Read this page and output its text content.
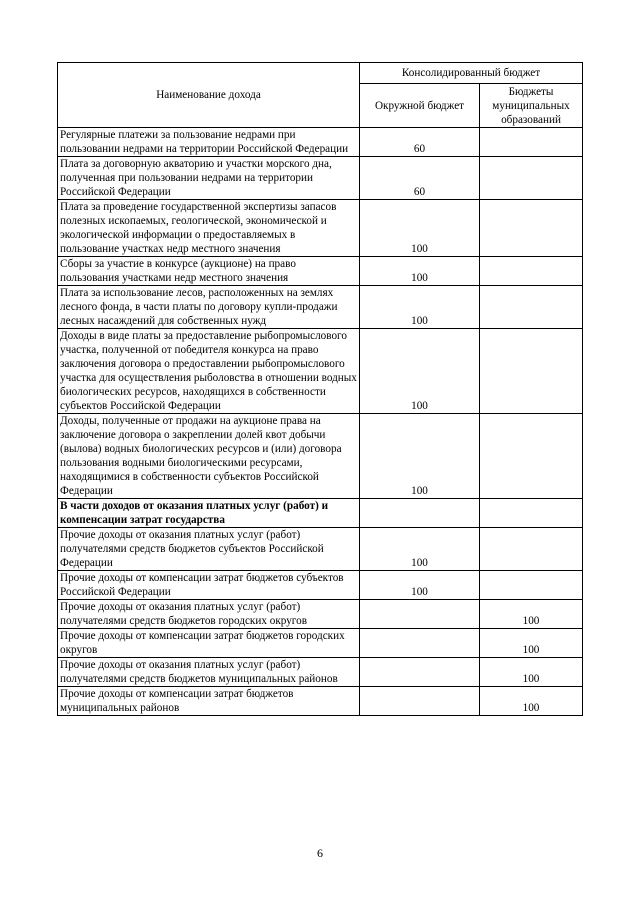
Наименование дохода	Консолидированный бюджет	
	Окружной бюджет	Бюджеты
муниципальных
образований
Регулярные платежи за пользование недрами при пользовании недрами на территории Российской Федерации	60	
Плата за договорную акваторию и участки морского дна, полученная при пользовании недрами на территории Российской Федерации	60	
Плата за проведение государственной экспертизы запасов полезных ископаемых, геологической, экономической и экологической информации о предоставляемых в пользование участках недр местного значения	100	
Сборы за участие в конкурсе (аукционе) на право пользования участками недр местного значения	100	
Плата за использование лесов, расположенных на землях лесного фонда, в части платы по договору купли-продажи лесных насаждений для собственных нужд	100	
Доходы в виде платы за предоставление рыбопромыслового участка, полученной от победителя конкурса на право заключения договора о предоставлении рыбопромыслового участка для осуществления рыболовства в отношении водных биологических ресурсов, находящихся в собственности субъектов Российской Федерации	100	
Доходы, полученные от продажи на аукционе права на заключение договора о закреплении долей квот добычи (вылова) водных биологических ресурсов и (или) договора пользования водными биологическими ресурсами, находящимися в собственности субъектов Российской Федерации	100	
В части доходов от оказания платных услуг (работ) и компенсации затрат государства		
Прочие доходы от оказания платных услуг (работ) получателями средств бюджетов субъектов Российской Федерации	100	
Прочие доходы от компенсации затрат бюджетов субъектов Российской Федерации	100	
Прочие доходы от оказания платных услуг (работ) получателями средств бюджетов городских округов		100
Прочие доходы от компенсации затрат бюджетов городских округов		100
Прочие доходы от оказания платных услуг (работ) получателями средств бюджетов муниципальных районов		100
Прочие доходы от компенсации затрат бюджетов муниципальных районов		100
6
